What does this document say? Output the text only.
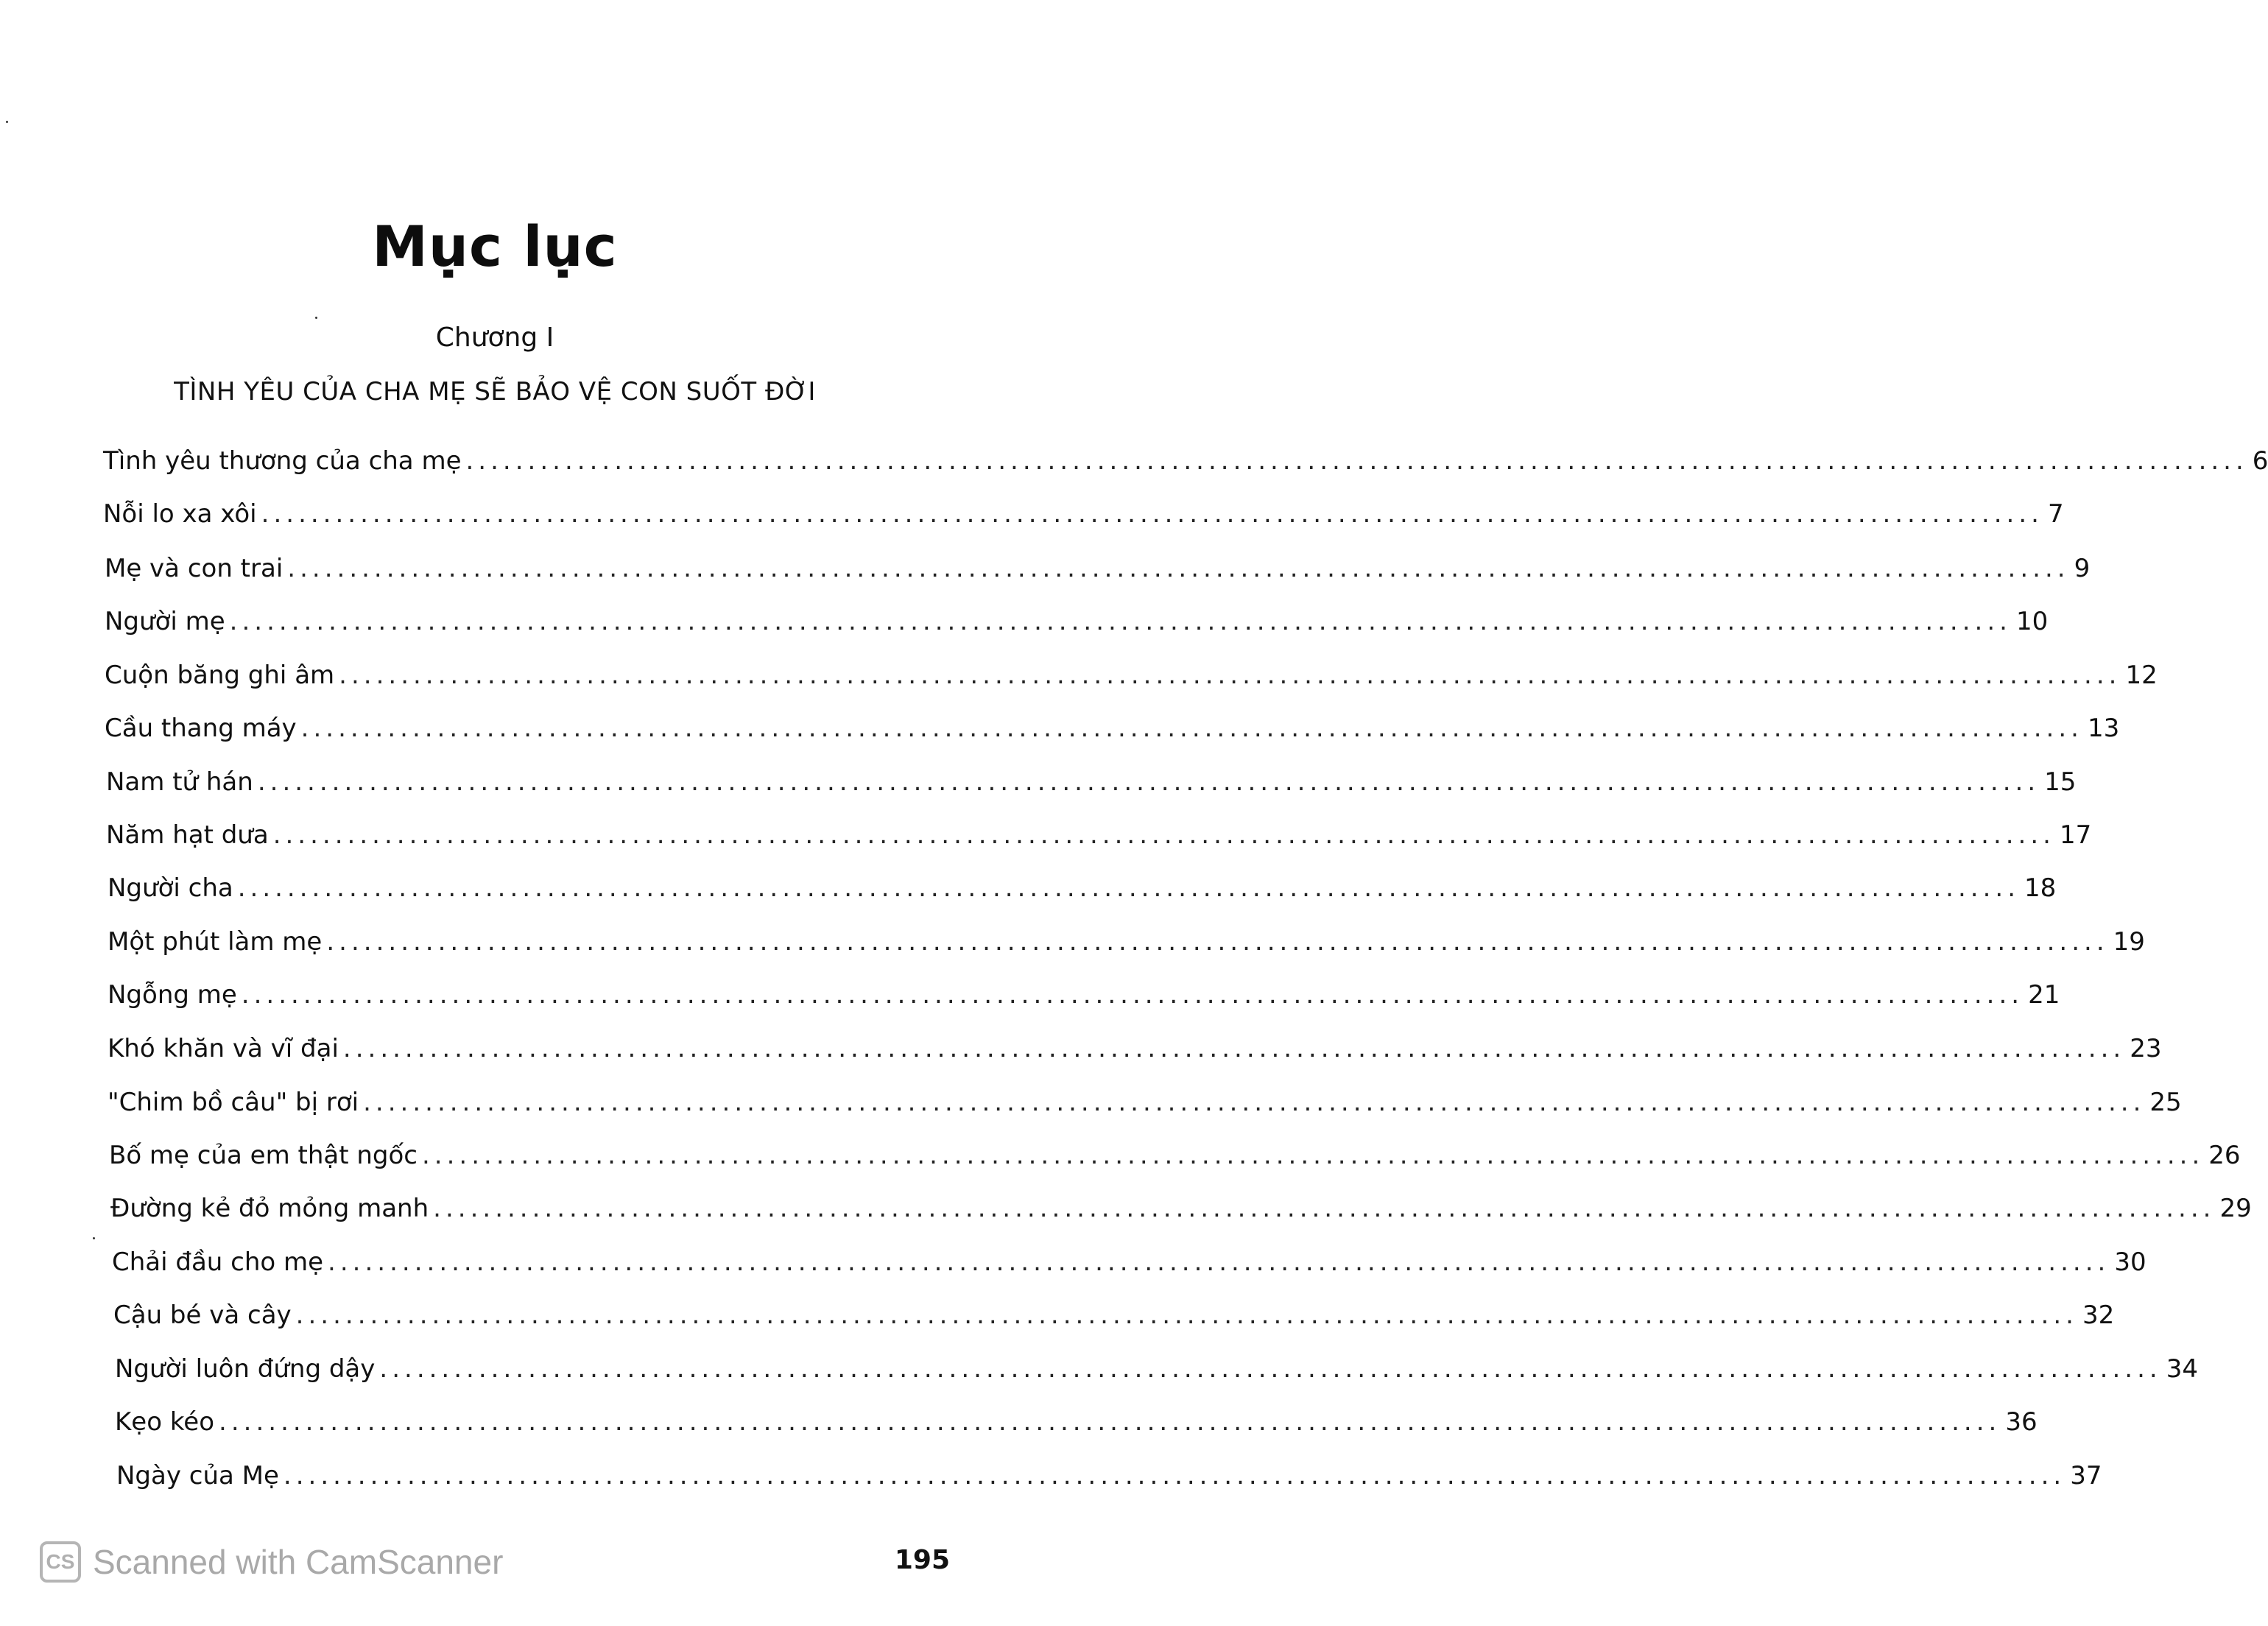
Mục lục
Chương I
TÌNH YÊU CỦA CHA MẸ SẼ BẢO VỆ CON SUỐT ĐỜI
Tình yêu thương của cha mẹ ................................................................................................................................................ 6
Nỗi lo xa xôi ................................................................................................................................................ 7
Mẹ và con trai ................................................................................................................................................ 9
Người mẹ ................................................................................................................................................ 10
Cuộn băng ghi âm ................................................................................................................................................ 12
Cầu thang máy ................................................................................................................................................ 13
Nam tử hán ................................................................................................................................................ 15
Năm hạt dưa ................................................................................................................................................ 17
Người cha ................................................................................................................................................ 18
Một phút làm mẹ ................................................................................................................................................ 19
Ngỗng mẹ ................................................................................................................................................ 21
Khó khăn và vĩ đại ................................................................................................................................................ 23
"Chim bồ câu" bị rơi ................................................................................................................................................ 25
Bố mẹ của em thật ngốc ................................................................................................................................................ 26
Đường kẻ đỏ mỏng manh ................................................................................................................................................ 29
Chải đầu cho mẹ ................................................................................................................................................ 30
Cậu bé và cây ................................................................................................................................................ 32
Người luôn đứng dậy ................................................................................................................................................ 34
Kẹo kéo ................................................................................................................................................ 36
Ngày của Mẹ ................................................................................................................................................ 37
CS Scanned with CamScanner	195
